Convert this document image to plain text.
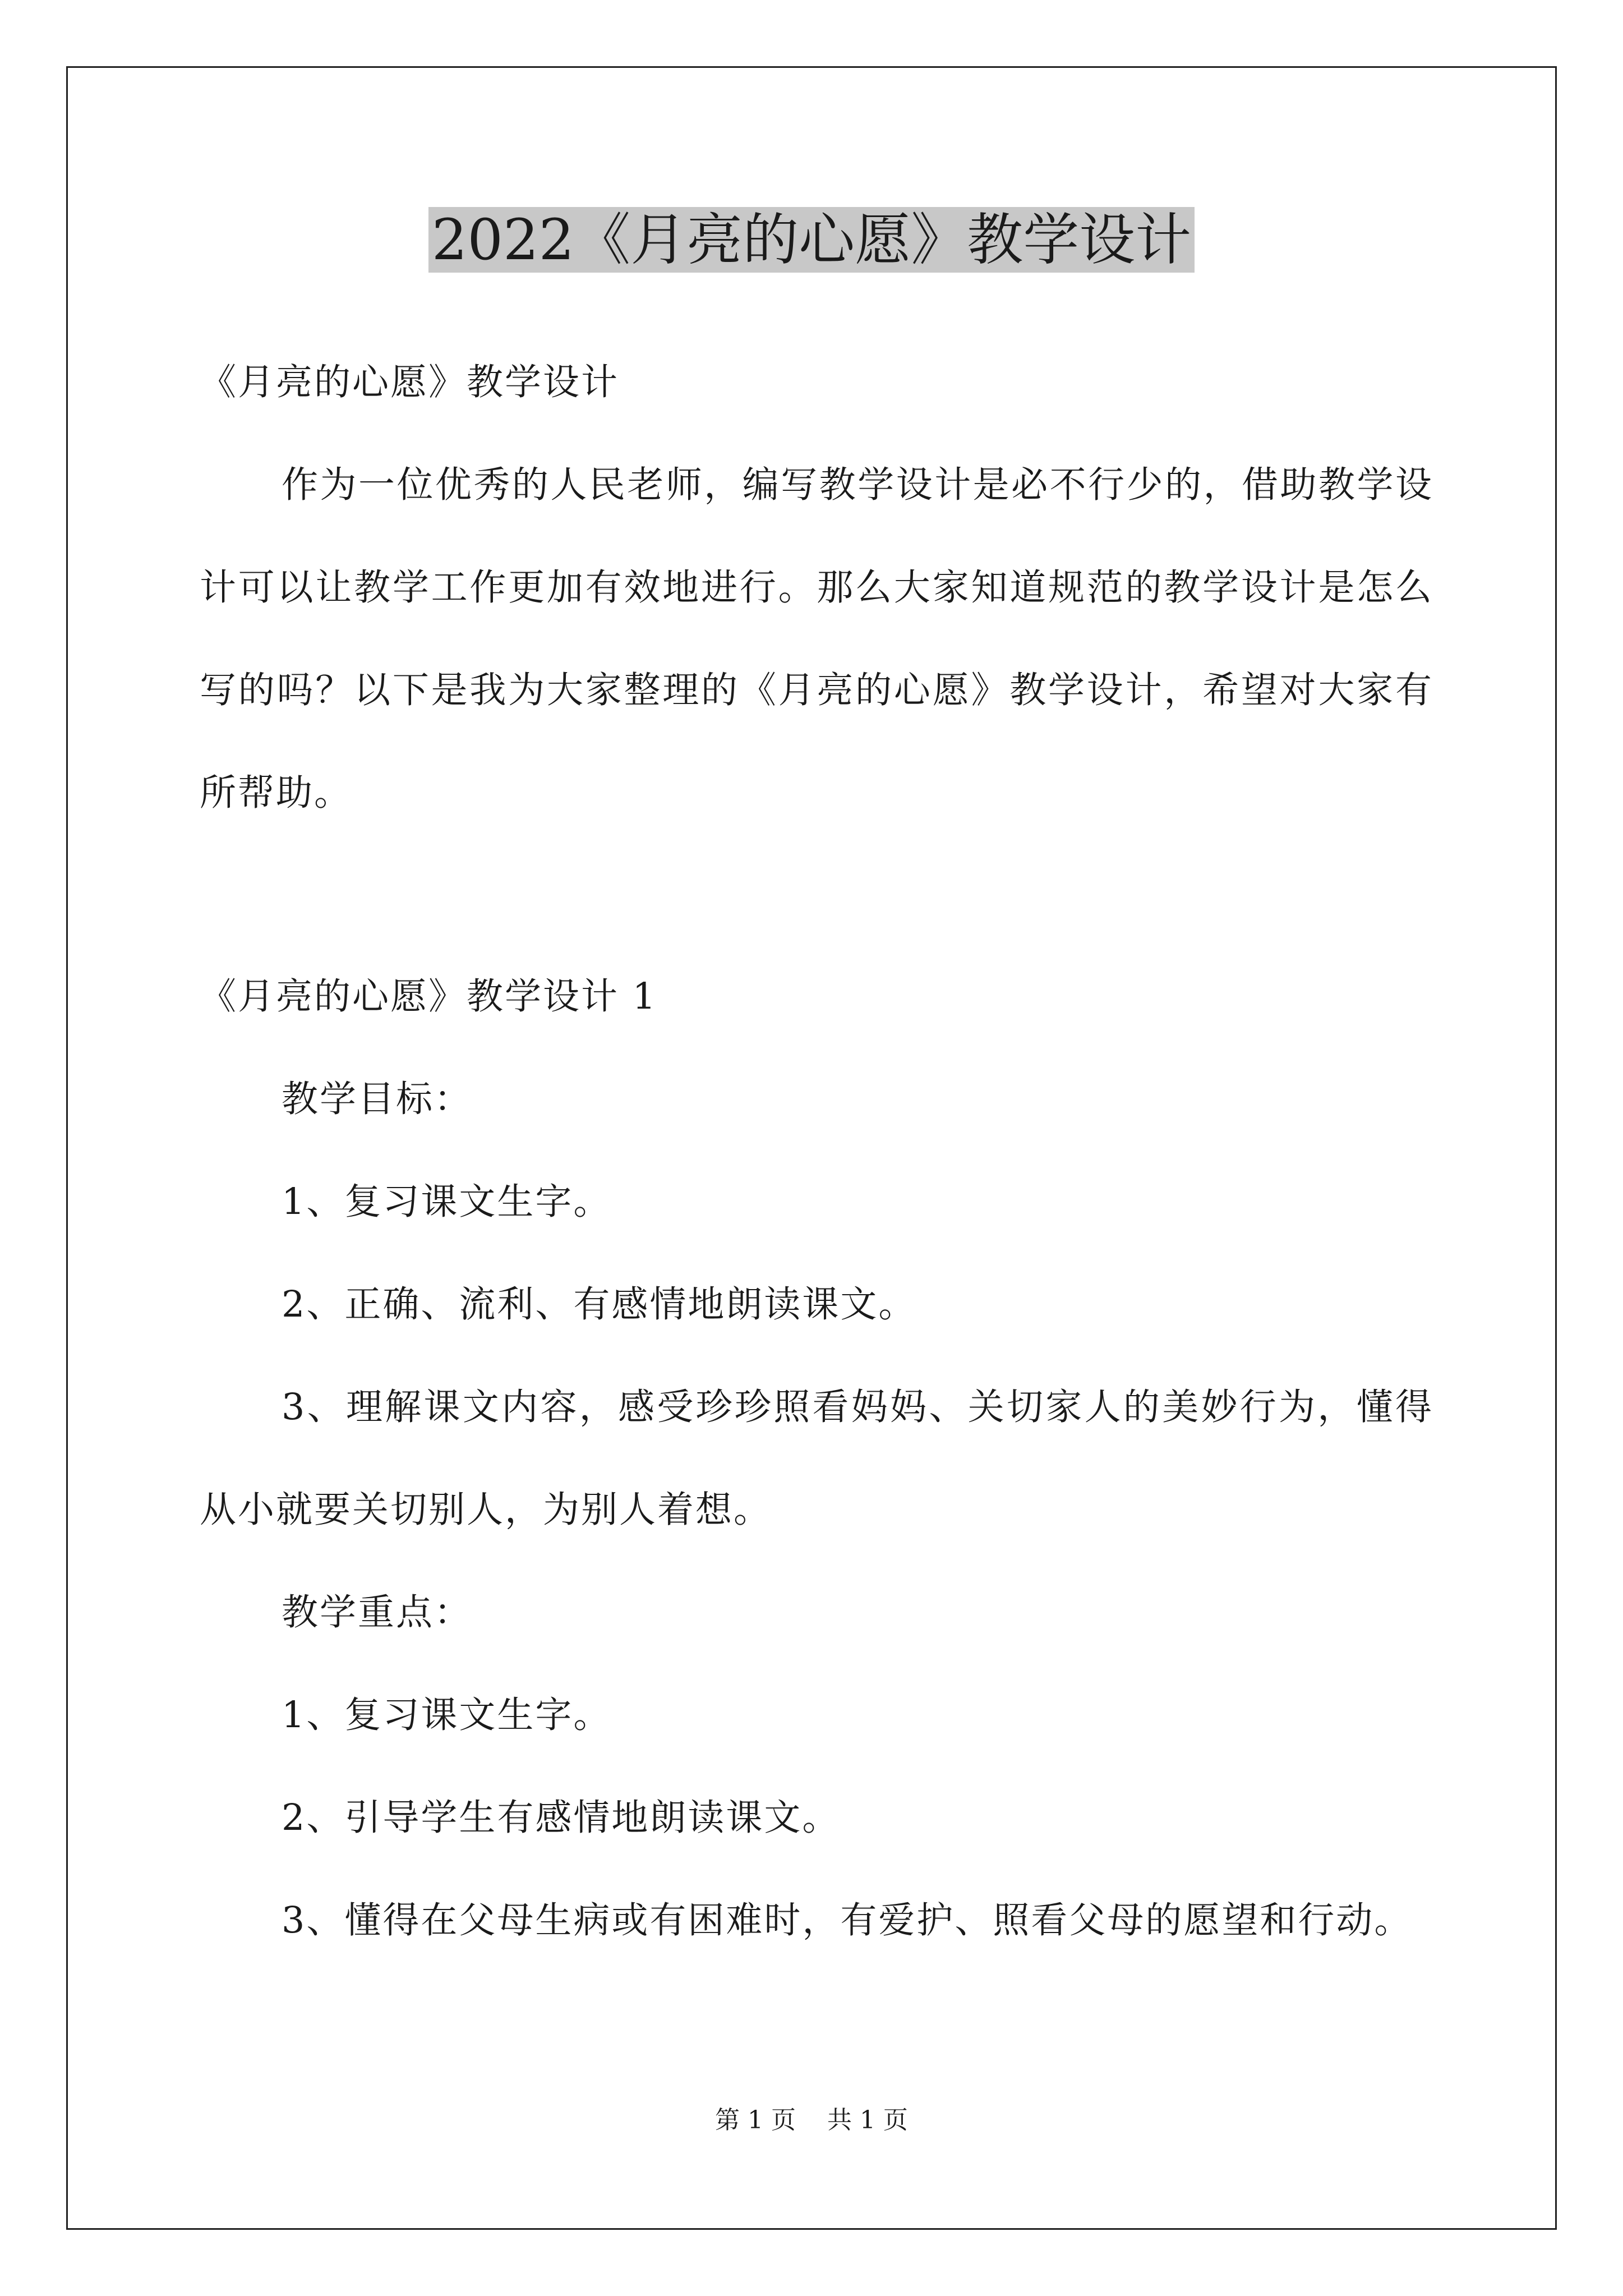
2022《月亮的心愿》教学设计

《月亮的心愿》教学设计

作为一位优秀的人民老师，编写教学设计是必不行少的，借助教学设计可以让教学工作更加有效地进行。那么大家知道规范的教学设计是怎么写的吗？以下是我为大家整理的《月亮的心愿》教学设计，希望对大家有所帮助。

《月亮的心愿》教学设计 1

教学目标：

1、复习课文生字。

2、正确、流利、有感情地朗读课文。

3、理解课文内容，感受珍珍照看妈妈、关切家人的美妙行为，懂得从小就要关切别人，为别人着想。

教学重点：

1、复习课文生字。

2、引导学生有感情地朗读课文。

3、懂得在父母生病或有困难时，有爱护、照看父母的愿望和行动。

第 1 页    共 1 页
